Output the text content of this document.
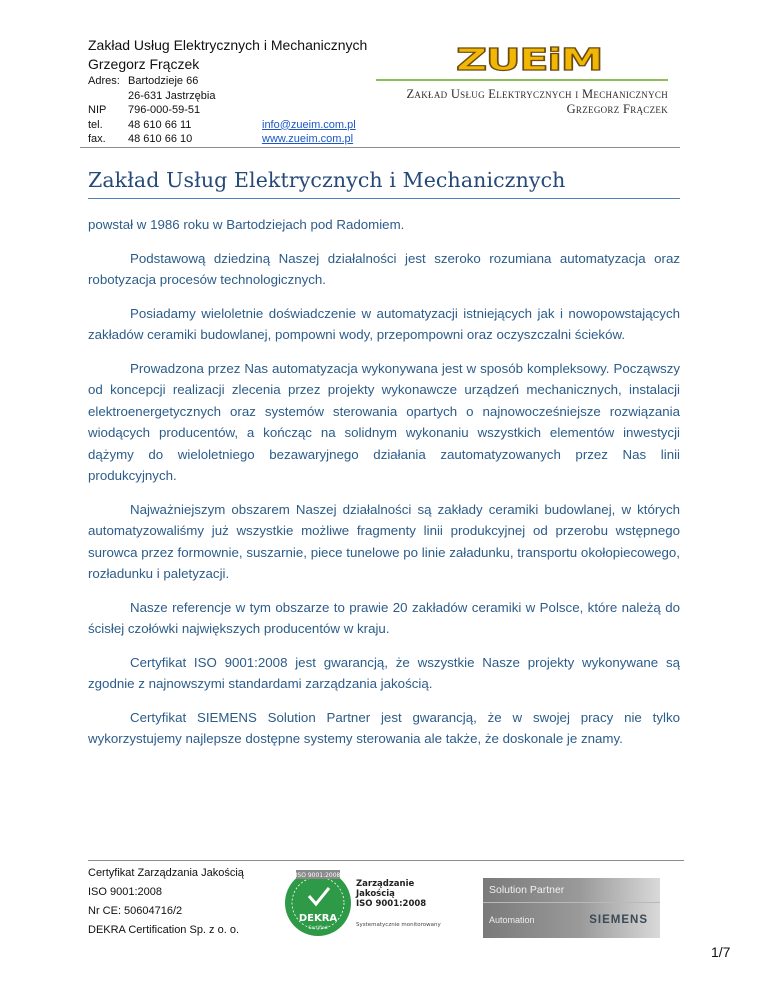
Zakład Usług Elektrycznych i Mechanicznych
Grzegorz Frączek
Adres: Bartodzieje 66
26-631 Jastrzębia
NIP	796-000-59-51
tel.	48 610 66 11	info@zueim.com.pl
fax.	48 610 66 10	www.zueim.com.pl
ZUEiM
Zakład Usług Elektrycznych i Mechanicznych
Grzegorz Frączek
Zakład Usług Elektrycznych i Mechanicznych

powstał w 1986 roku w Bartodziejach pod Radomiem.

Podstawową dziedziną Naszej działalności jest szeroko rozumiana automatyzacja oraz robotyzacja procesów technologicznych.

Posiadamy wieloletnie doświadczenie w automatyzacji istniejących jak i nowopowstających zakładów ceramiki budowlanej, pompowni wody, przepompowni oraz oczyszczalni ścieków.

Prowadzona przez Nas automatyzacja wykonywana jest w sposób kompleksowy. Począwszy od koncepcji realizacji zlecenia przez projekty wykonawcze urządzeń mechanicznych, instalacji elektroenergetycznych oraz systemów sterowania opartych o najnowocześniejsze rozwiązania wiodących producentów, a kończąc na solidnym wykonaniu wszystkich elementów inwestycji dążymy do wieloletniego bezawaryjnego działania zautomatyzowanych przez Nas linii produkcyjnych.

Najważniejszym obszarem Naszej działalności są zakłady ceramiki budowlanej, w których automatyzowaliśmy już wszystkie możliwe fragmenty linii produkcyjnej od przerobu wstępnego surowca przez formownie, suszarnie, piece tunelowe po linie załadunku, transportu okołopiecowego, rozładunku i paletyzacji.

Nasze referencje w tym obszarze to prawie 20 zakładów ceramiki w Polsce, które należą do ścisłej czołówki największych producentów w kraju.

Certyfikat ISO 9001:2008 jest gwarancją, że wszystkie Nasze projekty wykonywane są zgodnie z najnowszymi standardami zarządzania jakością.

Certyfikat SIEMENS Solution Partner jest gwarancją, że w swojej pracy nie tylko wykorzystujemy najlepsze dostępne systemy sterowania ale także, że doskonale je znamy.

Certyfikat Zarządzania Jakością
ISO 9001:2008
Nr CE: 50604716/2
DEKRA Certification Sp. z o. o.
ISO 9001:2008
DEKRA
Certified
Zarządzanie
Jakością
ISO 9001:2008
Systematycznie monitorowany
Solution Partner
Automation	SIEMENS
1/7
